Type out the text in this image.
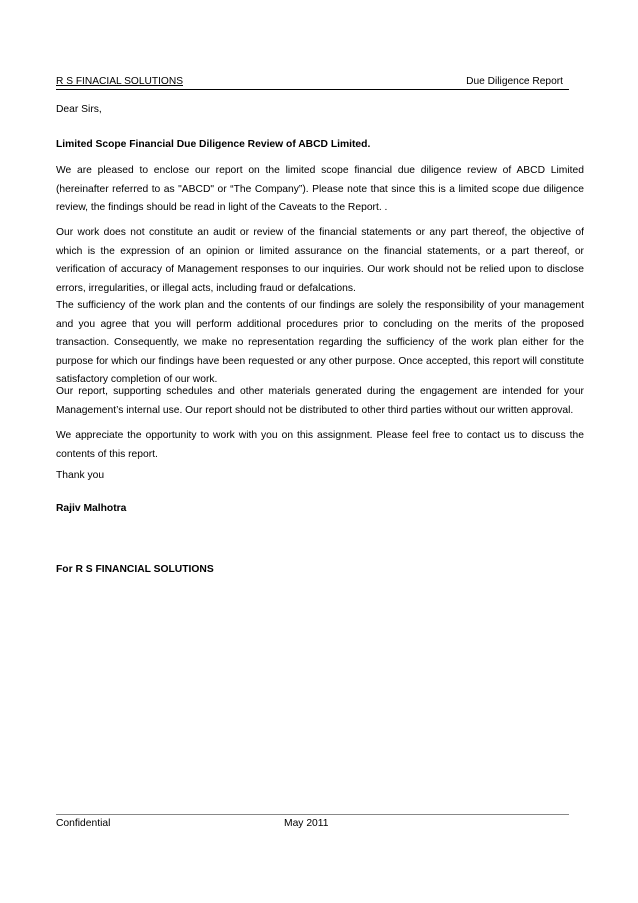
R S FINACIAL SOLUTIONS	Due Diligence Report

Dear Sirs,

Limited Scope Financial Due Diligence Review of ABCD Limited.

We are pleased to enclose our report on the limited scope financial due diligence review of ABCD Limited (hereinafter referred to as "ABCD" or “The Company”). Please note that since this is a limited scope due diligence review, the findings should be read in light of the Caveats to the Report. .

Our work does not constitute an audit or review of the financial statements or any part thereof, the objective of which is the expression of an opinion or limited assurance on the financial statements, or a part thereof, or verification of accuracy of Management responses to our inquiries. Our work should not be relied upon to disclose errors, irregularities, or illegal acts, including fraud or defalcations.

The sufficiency of the work plan and the contents of our findings are solely the responsibility of your management and you agree that you will perform additional procedures prior to concluding on the merits of the proposed transaction. Consequently, we make no representation regarding the sufficiency of the work plan either for the purpose for which our findings have been requested or any other purpose. Once accepted, this report will constitute satisfactory completion of our work.

Our report, supporting schedules and other materials generated during the engagement are intended for your Management’s internal use. Our report should not be distributed to other third parties without our written approval.

We appreciate the opportunity to work with you on this assignment. Please feel free to contact us to discuss the contents of this report.

Thank you

Rajiv Malhotra

For R S FINANCIAL SOLUTIONS

Confidential	May 2011
